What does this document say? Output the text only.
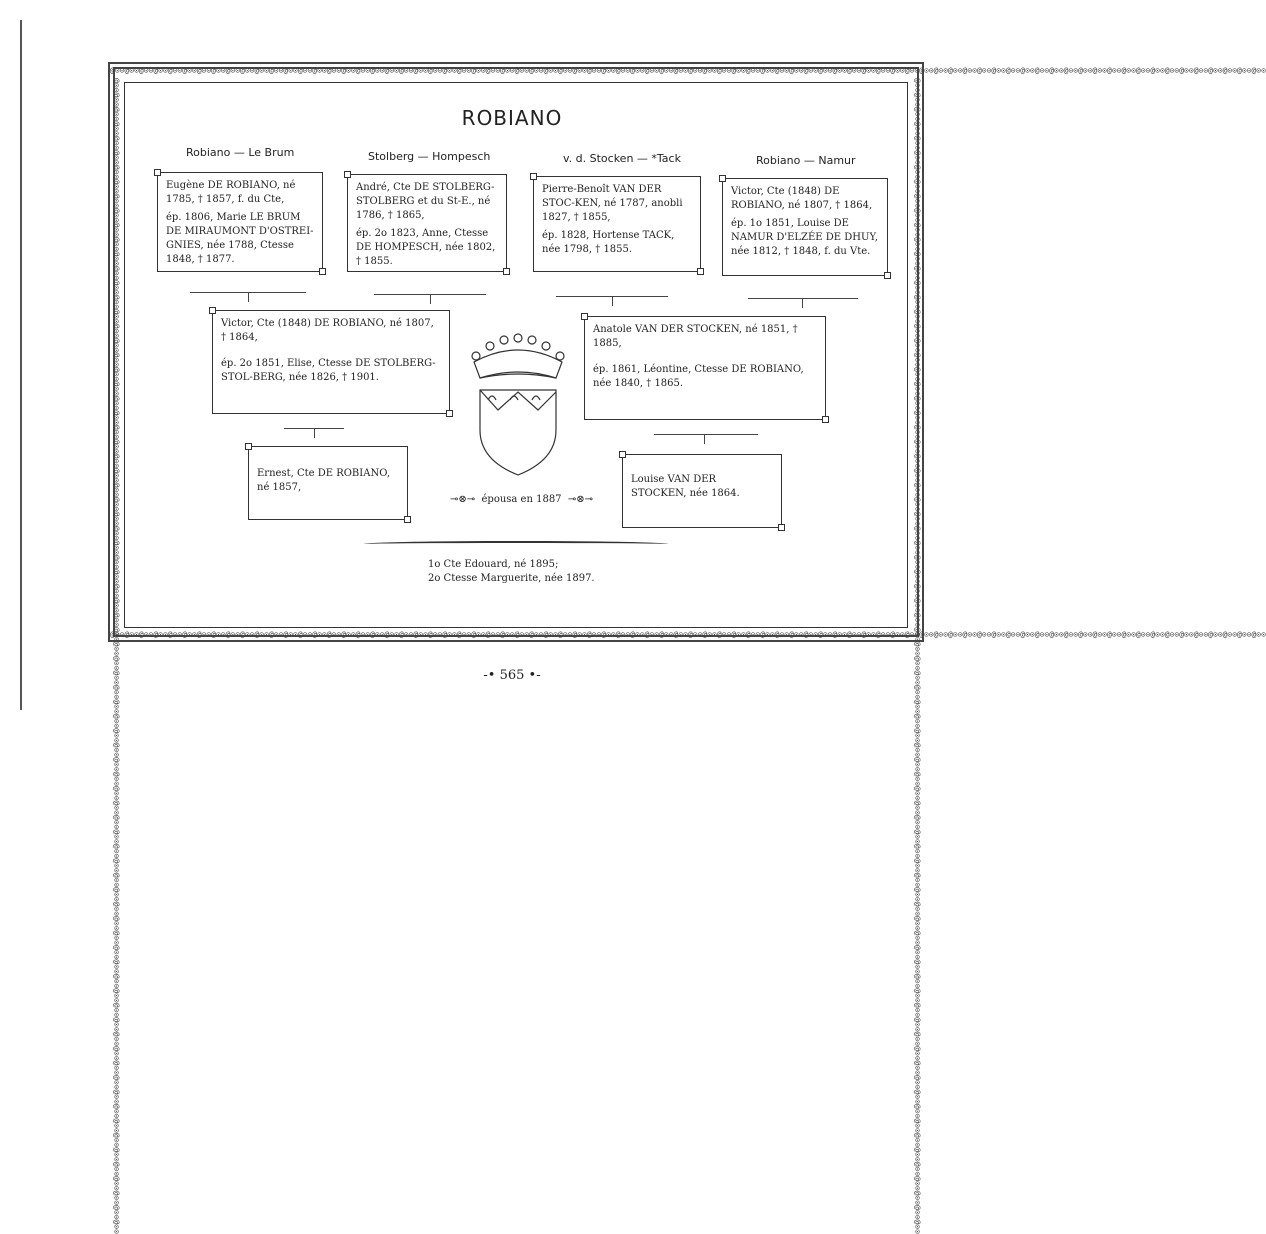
@⊙⊙@⊙⊙@⊙⊙@⊙⊙@⊙⊙@⊙⊙@⊙⊙@⊙⊙@⊙⊙@⊙⊙@⊙⊙@⊙⊙@⊙⊙@⊙⊙@⊙⊙@⊙⊙@⊙⊙@⊙⊙@⊙⊙@⊙⊙@⊙⊙@⊙⊙@⊙⊙@⊙⊙@⊙⊙@⊙⊙@⊙⊙@⊙⊙@⊙⊙@⊙⊙@⊙⊙@⊙⊙@⊙⊙@⊙⊙@⊙⊙@⊙⊙@⊙⊙@⊙⊙@⊙⊙@⊙⊙@⊙⊙@⊙⊙@⊙⊙@⊙⊙@⊙⊙@⊙⊙@⊙⊙@⊙⊙@⊙⊙@⊙⊙@⊙⊙@⊙⊙@⊙⊙@⊙⊙@⊙⊙@⊙⊙@⊙⊙@⊙⊙@⊙⊙@⊙⊙@⊙⊙@⊙⊙@⊙⊙@⊙⊙@⊙⊙@⊙⊙@⊙⊙@⊙⊙@⊙⊙@⊙⊙@⊙⊙@⊙⊙@⊙⊙@⊙⊙@⊙⊙@⊙⊙@⊙⊙@⊙⊙@⊙⊙@⊙⊙
@⊙⊙@⊙⊙@⊙⊙@⊙⊙@⊙⊙@⊙⊙@⊙⊙@⊙⊙@⊙⊙@⊙⊙@⊙⊙@⊙⊙@⊙⊙@⊙⊙@⊙⊙@⊙⊙@⊙⊙@⊙⊙@⊙⊙@⊙⊙@⊙⊙@⊙⊙@⊙⊙@⊙⊙@⊙⊙@⊙⊙@⊙⊙@⊙⊙@⊙⊙@⊙⊙@⊙⊙@⊙⊙@⊙⊙@⊙⊙@⊙⊙@⊙⊙@⊙⊙@⊙⊙@⊙⊙@⊙⊙@⊙⊙@⊙⊙@⊙⊙@⊙⊙@⊙⊙@⊙⊙@⊙⊙@⊙⊙@⊙⊙@⊙⊙@⊙⊙@⊙⊙@⊙⊙@⊙⊙@⊙⊙@⊙⊙@⊙⊙@⊙⊙@⊙⊙@⊙⊙@⊙⊙@⊙⊙@⊙⊙@⊙⊙@⊙⊙@⊙⊙@⊙⊙@⊙⊙@⊙⊙@⊙⊙@⊙⊙@⊙⊙@⊙⊙@⊙⊙@⊙⊙@⊙⊙@⊙⊙@⊙⊙@⊙⊙@⊙⊙
@⊙⊙@⊙⊙@⊙⊙@⊙⊙@⊙⊙@⊙⊙@⊙⊙@⊙⊙@⊙⊙@⊙⊙@⊙⊙@⊙⊙@⊙⊙@⊙⊙@⊙⊙@⊙⊙@⊙⊙@⊙⊙@⊙⊙@⊙⊙@⊙⊙@⊙⊙@⊙⊙@⊙⊙@⊙⊙@⊙⊙@⊙⊙@⊙⊙@⊙⊙@⊙⊙@⊙⊙@⊙⊙@⊙⊙@⊙⊙@⊙⊙@⊙⊙@⊙⊙@⊙⊙@⊙⊙@⊙⊙@⊙⊙@⊙⊙@⊙⊙@⊙⊙@⊙⊙@⊙⊙@⊙⊙@⊙⊙@⊙⊙@⊙⊙@⊙⊙@⊙⊙@⊙⊙@⊙⊙@⊙⊙@⊙⊙@⊙⊙@⊙⊙@⊙⊙@⊙⊙@⊙⊙@⊙⊙@⊙⊙@⊙⊙@⊙⊙@⊙⊙@⊙⊙@⊙⊙@⊙⊙@⊙⊙@⊙⊙@⊙⊙@⊙⊙@⊙⊙@⊙⊙@⊙⊙@⊙⊙@⊙⊙@⊙⊙@⊙⊙	@⊙⊙@⊙⊙@⊙⊙@⊙⊙@⊙⊙@⊙⊙@⊙⊙@⊙⊙@⊙⊙@⊙⊙@⊙⊙@⊙⊙@⊙⊙@⊙⊙@⊙⊙@⊙⊙@⊙⊙@⊙⊙@⊙⊙@⊙⊙@⊙⊙@⊙⊙@⊙⊙@⊙⊙@⊙⊙@⊙⊙@⊙⊙@⊙⊙@⊙⊙@⊙⊙@⊙⊙@⊙⊙@⊙⊙@⊙⊙@⊙⊙@⊙⊙@⊙⊙@⊙⊙@⊙⊙@⊙⊙@⊙⊙@⊙⊙@⊙⊙@⊙⊙@⊙⊙@⊙⊙@⊙⊙@⊙⊙@⊙⊙@⊙⊙@⊙⊙@⊙⊙@⊙⊙@⊙⊙@⊙⊙@⊙⊙@⊙⊙@⊙⊙@⊙⊙@⊙⊙@⊙⊙@⊙⊙@⊙⊙@⊙⊙@⊙⊙@⊙⊙@⊙⊙@⊙⊙@⊙⊙@⊙⊙@⊙⊙@⊙⊙@⊙⊙@⊙⊙@⊙⊙@⊙⊙@⊙⊙@⊙⊙@⊙⊙@⊙⊙
ROBIANO
Robiano — Le Brum	Stolberg — Hompesch	v. d. Stocken — *Tack	Robiano — Namur

Eugène DE ROBIANO, né 1785, † 1857, f. du Cte,

ép. 1806, Marie LE BRUM DE MIRAUMONT D'OSTREI-GNIES, née 1788, Ctesse 1848, † 1877.

André, Cte DE STOLBERG-STOLBERG et du St-E., né 1786, † 1865,

ép. 2o 1823, Anne, Ctesse DE HOMPESCH, née 1802, † 1855.

Pierre-Benoît VAN DER STOC-KEN, né 1787, anobli 1827, † 1855,

ép. 1828, Hortense TACK, née 1798, † 1855.

Victor, Cte (1848) DE ROBIANO, né 1807, † 1864,

ép. 1o 1851, Louise DE NAMUR D'ELZÉE DE DHUY, née 1812, † 1848, f. du Vte.

Victor, Cte (1848) DE ROBIANO, né 1807, † 1864,

ép. 2o 1851, Elise, Ctesse DE STOLBERG-STOL-BERG, née 1826, † 1901.

Anatole VAN DER STOCKEN, né 1851, † 1885,

ép. 1861, Léontine, Ctesse DE ROBIANO, née 1840, † 1865.

Ernest, Cte DE ROBIANO, né 1857,

Louise VAN DER STOCKEN, née 1864.

⊸⊗⊸  épousa en 1887  ⊸⊗⊸
1o Cte Edouard, né 1895;
2o Ctesse Marguerite, née 1897.
-• 565 •-
